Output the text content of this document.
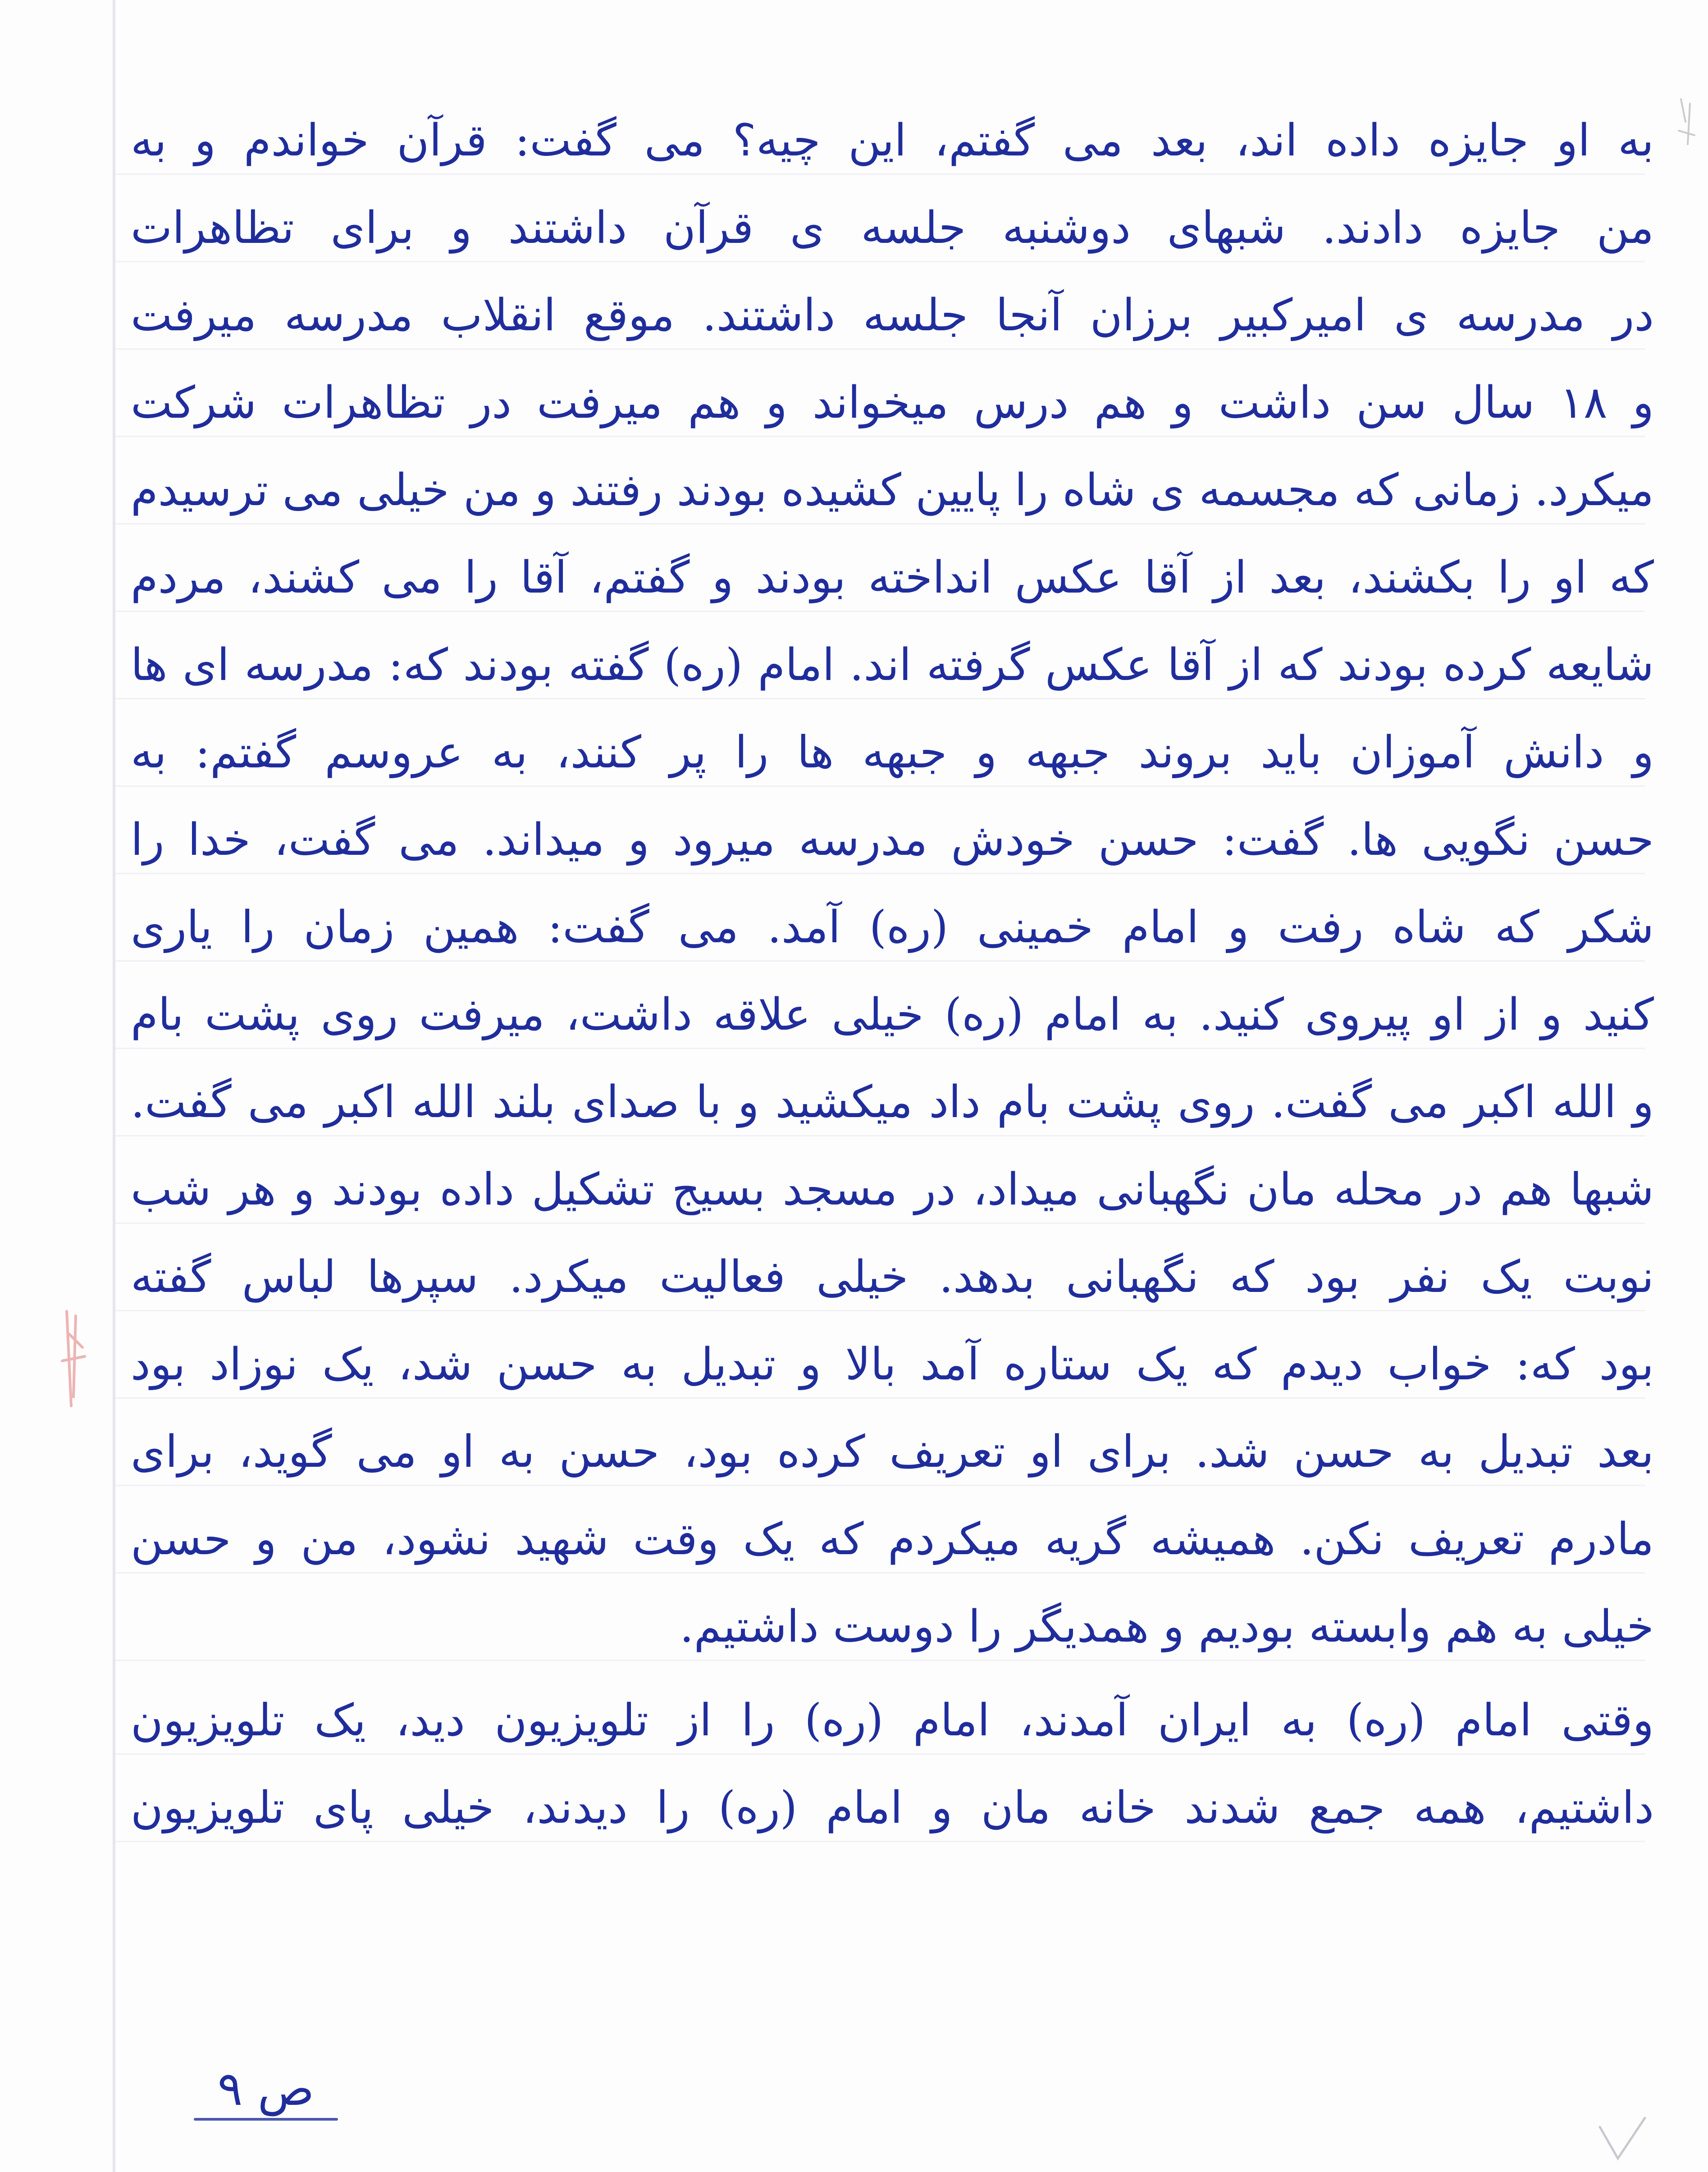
به او جایزه داده اند، بعد می گفتم، این چیه؟ می گفت: قرآن خواندم و به
من جایزه دادند. شبهای دوشنبه جلسه ی قرآن داشتند و برای تظاهرات
در مدرسه ی امیرکبیر برزان آنجا جلسه داشتند. موقع انقلاب مدرسه میرفت
و ۱۸ سال سن داشت و هم درس میخواند و هم میرفت در تظاهرات شرکت
میکرد. زمانی که مجسمه ی شاه را پایین کشیده بودند رفتند و من خیلی می ترسیدم
که او را بکشند، بعد از آقا عکس انداخته بودند و گفتم، آقا را می کشند، مردم
شایعه کرده بودند که از آقا عکس گرفته اند. امام (ره) گفته بودند که: مدرسه ای ها
و دانش آموزان باید بروند جبهه و جبهه ها را پر کنند، به عروسم گفتم: به
حسن نگویی ها. گفت: حسن خودش مدرسه میرود و میداند. می گفت، خدا را
شکر که شاه رفت و امام خمینی (ره) آمد. می گفت: همین زمان را یاری
کنید و از او پیروی کنید. به امام (ره) خیلی علاقه داشت، میرفت روی پشت بام
و الله اکبر می گفت. روی پشت بام داد میکشید و با صدای بلند الله اکبر می گفت.
شبها هم در محله مان نگهبانی میداد، در مسجد بسیج تشکیل داده بودند و هر شب
نوبت یک نفر بود که نگهبانی بدهد. خیلی فعالیت میکرد. سپرها لباس گفته
بود که: خواب دیدم که یک ستاره آمد بالا و تبدیل به حسن شد، یک نوزاد بود
بعد تبدیل به حسن شد. برای او تعریف کرده بود، حسن به او می گوید، برای
مادرم تعریف نکن. همیشه گریه میکردم که یک وقت شهید نشود، من و حسن
خیلی به هم وابسته بودیم و همدیگر را دوست داشتیم.
وقتی امام (ره) به ایران آمدند، امام (ره) را از تلویزیون دید، یک تلویزیون
داشتیم، همه جمع شدند خانه مان و امام (ره) را دیدند، خیلی پای تلویزیون
ص ۹
